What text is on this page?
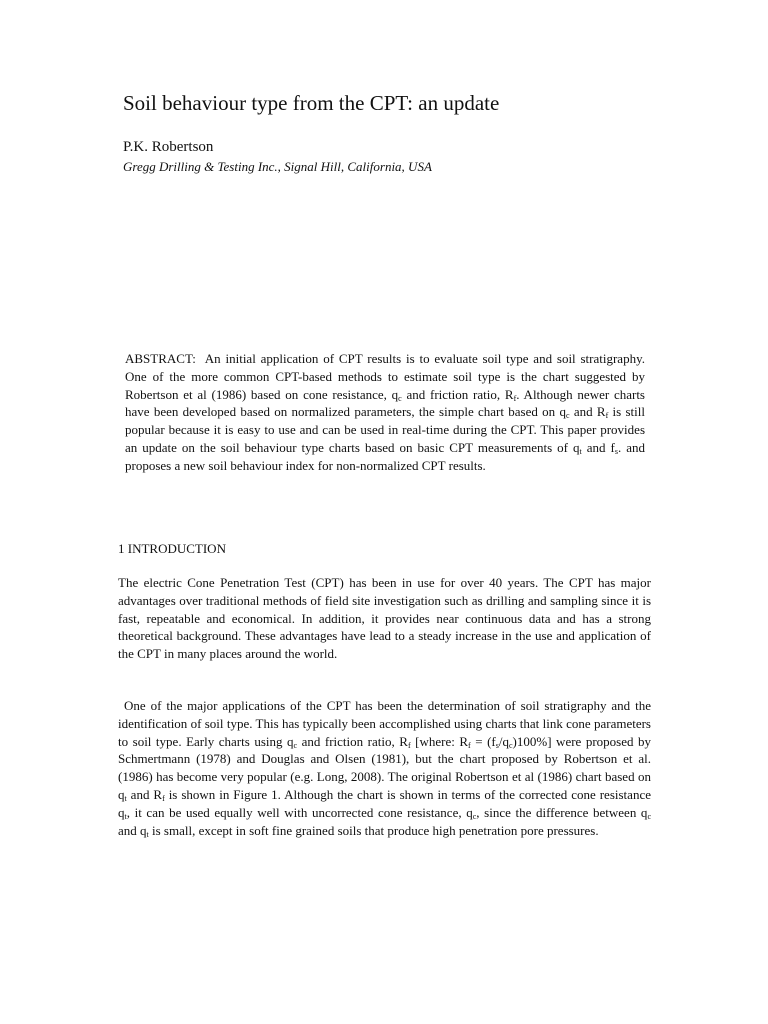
Soil behaviour type from the CPT: an update
P.K. Robertson
Gregg Drilling & Testing Inc., Signal Hill, California, USA

ABSTRACT: An initial application of CPT results is to evaluate soil type and soil stratigraphy. One of the more common CPT-based methods to estimate soil type is the chart suggested by Robertson et al (1986) based on cone resistance, $q_c$ and friction ratio, $R_f$. Although newer charts have been developed based on normalized parameters, the simple chart based on $q_c$ and $R_f$ is still popular because it is easy to use and can be used in real-time during the CPT. This paper provides an update on the soil behaviour type charts based on basic CPT measurements of $q_t$ and $f_s$. and proposes a new soil behaviour index for non-normalized CPT results.

1 INTRODUCTION

The electric Cone Penetration Test (CPT) has been in use for over 40 years. The CPT has major advantages over traditional methods of field site investigation such as drilling and sampling since it is fast, repeatable and economical. In addition, it provides near continuous data and has a strong theoretical background. These advantages have lead to a steady increase in the use and application of the CPT in many places around the world.

One of the major applications of the CPT has been the determination of soil stratigraphy and the identification of soil type. This has typically been accomplished using charts that link cone parameters to soil type. Early charts using $q_c$ and friction ratio, $R_f$ [where: $R_f = (f_s/q_c)100\%$] were proposed by Schmertmann (1978) and Douglas and Olsen (1981), but the chart proposed by Robertson et al. (1986) has become very popular (e.g. Long, 2008). The original Robertson et al (1986) chart based on $q_t$ and $R_f$ is shown in Figure 1. Although the chart is shown in terms of the corrected cone resistance $q_t$, it can be used equally well with uncorrected cone resistance, $q_c$, since the difference between $q_c$ and $q_t$ is small, except in soft fine grained soils that produce high penetration pore pressures.
